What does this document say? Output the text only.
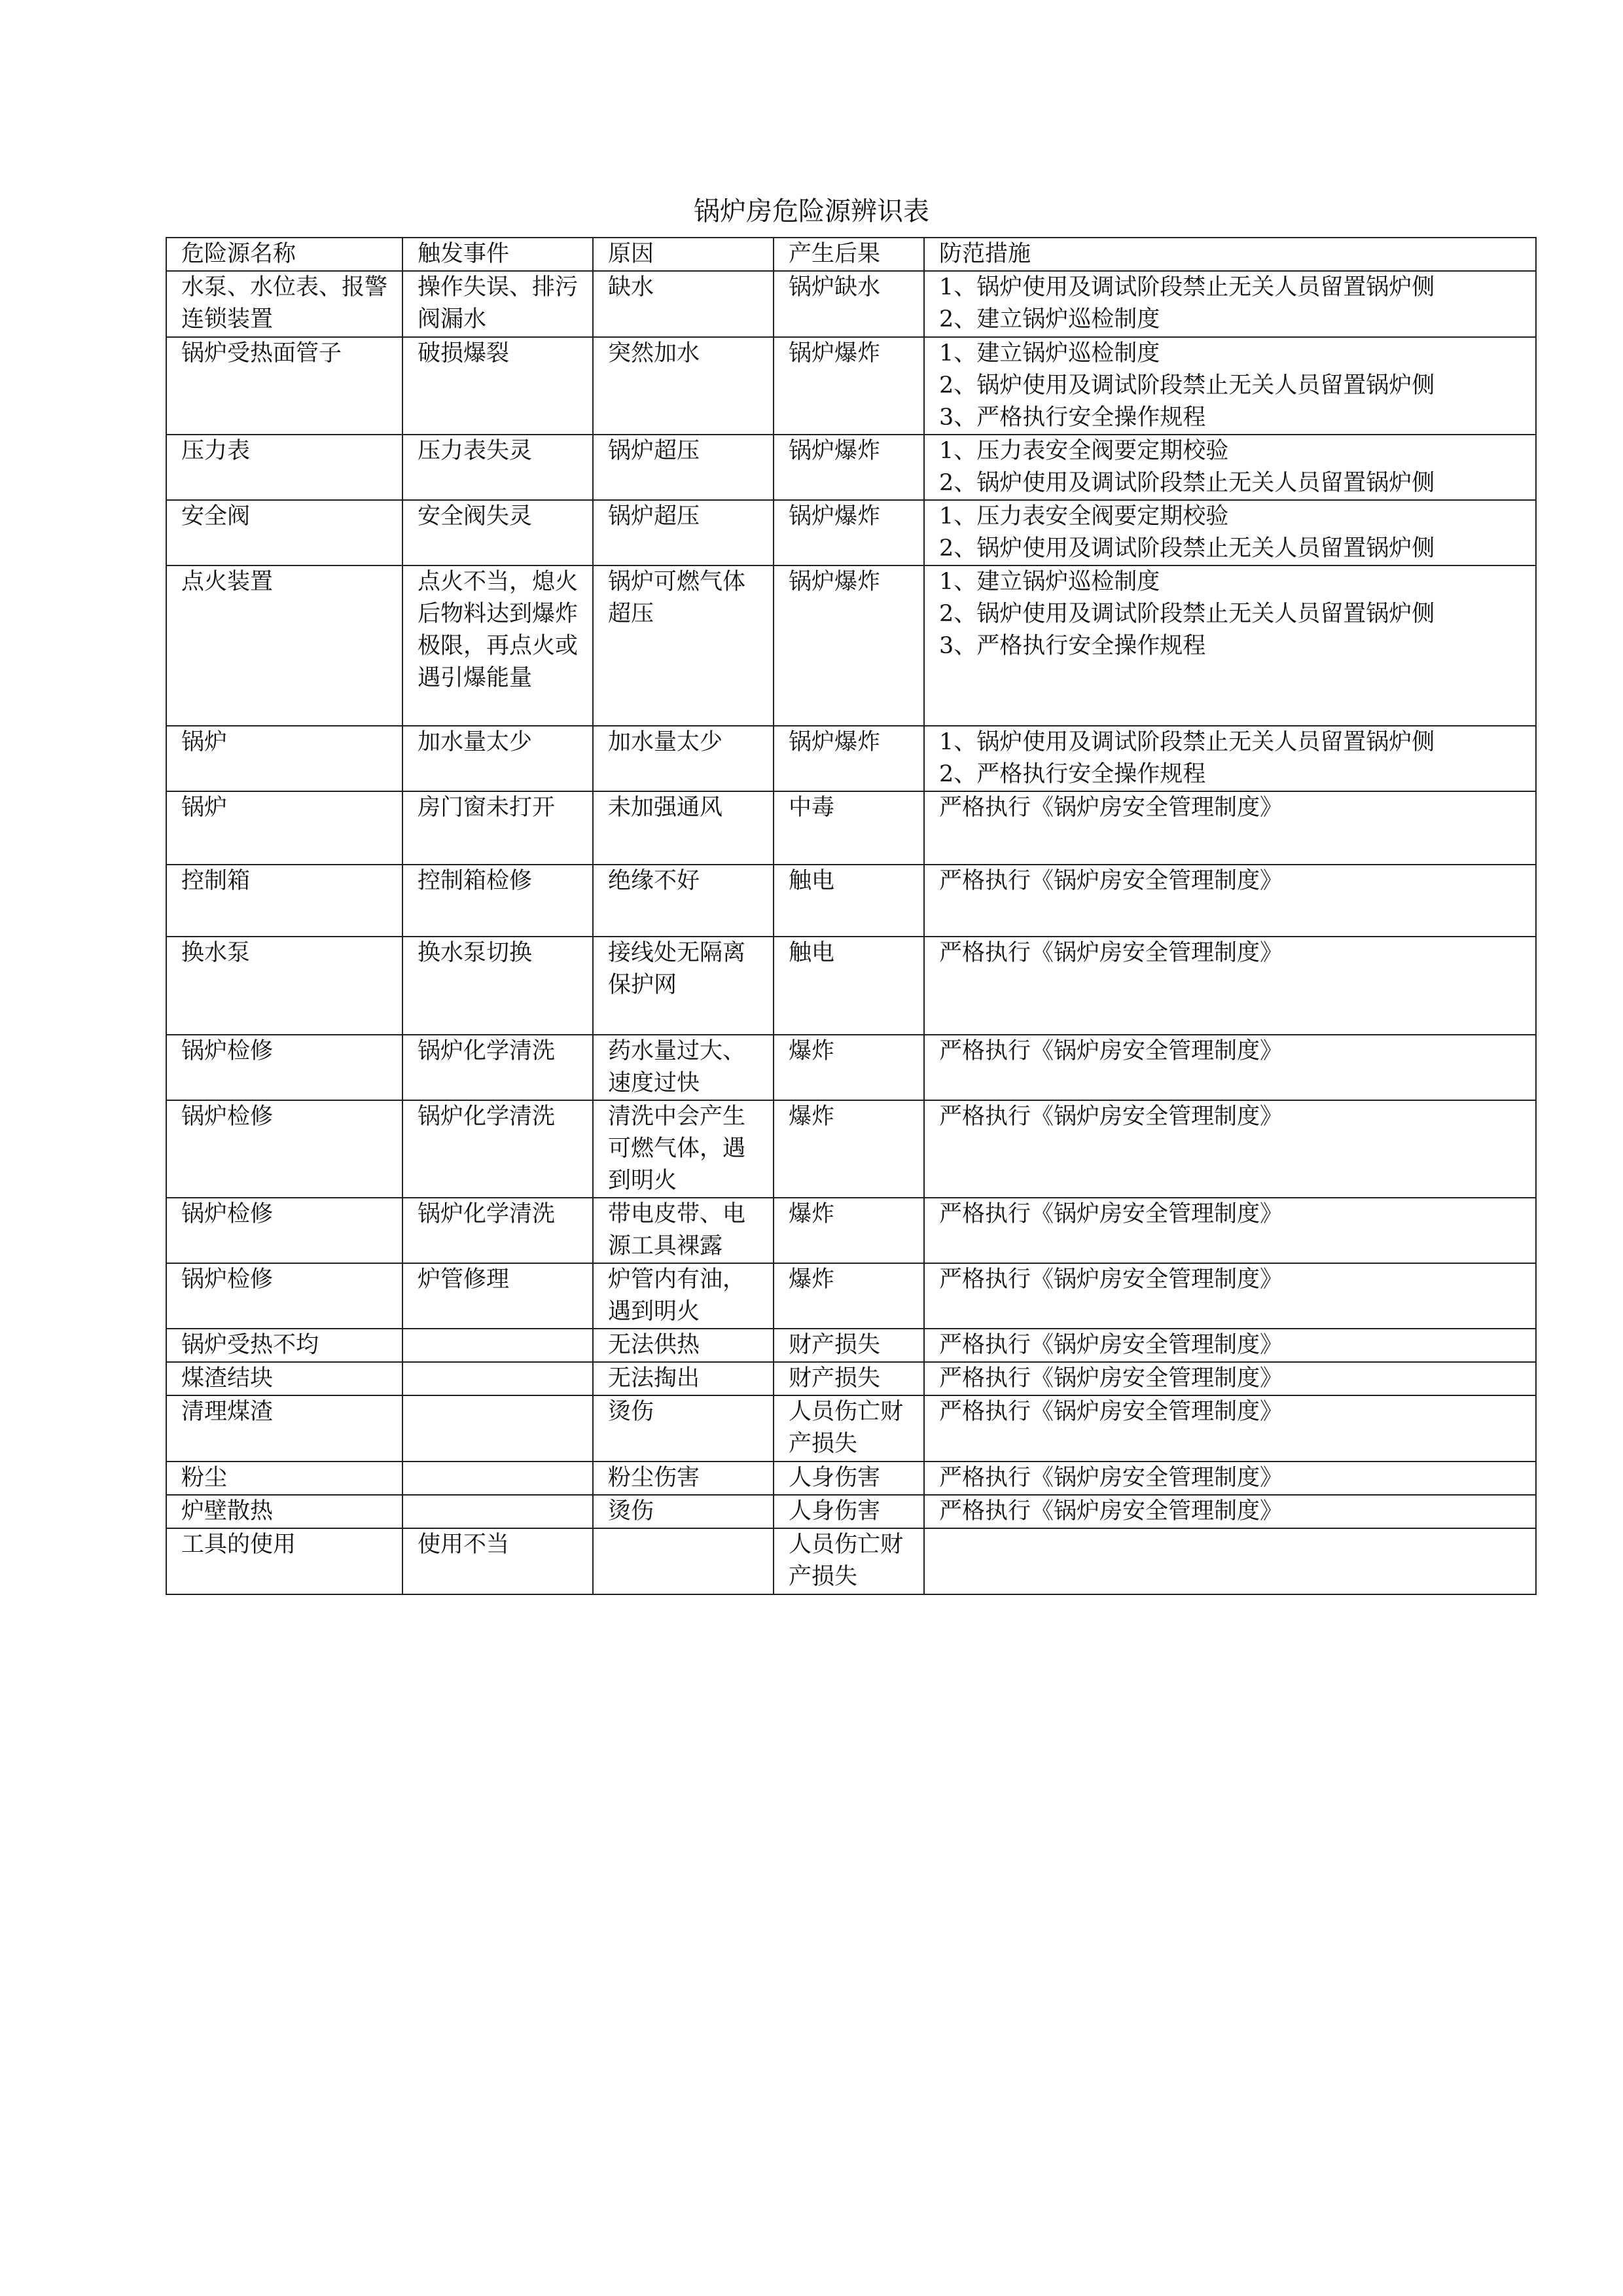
锅炉房危险源辨识表
危险源名称	触发事件	原因	产生后果	防范措施

水泵、水位表、报警连锁装置	操作失误、排污阀漏水	缺水	锅炉缺水	1、锅炉使用及调试阶段禁止无关人员留置锅炉侧
2、建立锅炉巡检制度

锅炉受热面管子	破损爆裂	突然加水	锅炉爆炸	1、建立锅炉巡检制度
2、锅炉使用及调试阶段禁止无关人员留置锅炉侧
3、严格执行安全操作规程

压力表	压力表失灵	锅炉超压	锅炉爆炸	1、压力表安全阀要定期校验
2、锅炉使用及调试阶段禁止无关人员留置锅炉侧

安全阀	安全阀失灵	锅炉超压	锅炉爆炸	1、压力表安全阀要定期校验
2、锅炉使用及调试阶段禁止无关人员留置锅炉侧

点火装置	点火不当，熄火后物料达到爆炸极限，再点火或遇引爆能量	锅炉可燃气体超压	锅炉爆炸	1、建立锅炉巡检制度
2、锅炉使用及调试阶段禁止无关人员留置锅炉侧
3、严格执行安全操作规程

锅炉	加水量太少	加水量太少	锅炉爆炸	1、锅炉使用及调试阶段禁止无关人员留置锅炉侧
2、严格执行安全操作规程

锅炉	房门窗未打开	未加强通风	中毒	严格执行《锅炉房安全管理制度》

控制箱	控制箱检修	绝缘不好	触电	严格执行《锅炉房安全管理制度》

换水泵	换水泵切换	接线处无隔离保护网	触电	严格执行《锅炉房安全管理制度》

锅炉检修	锅炉化学清洗	药水量过大、速度过快	爆炸	严格执行《锅炉房安全管理制度》

锅炉检修	锅炉化学清洗	清洗中会产生可燃气体，遇到明火	爆炸	严格执行《锅炉房安全管理制度》

锅炉检修	锅炉化学清洗	带电皮带、电源工具裸露	爆炸	严格执行《锅炉房安全管理制度》

锅炉检修	炉管修理	炉管内有油，遇到明火	爆炸	严格执行《锅炉房安全管理制度》

锅炉受热不均		无法供热	财产损失	严格执行《锅炉房安全管理制度》

煤渣结块		无法掏出	财产损失	严格执行《锅炉房安全管理制度》

清理煤渣		烫伤	人员伤亡财产损失	严格执行《锅炉房安全管理制度》

粉尘		粉尘伤害	人身伤害	严格执行《锅炉房安全管理制度》

炉壁散热		烫伤	人身伤害	严格执行《锅炉房安全管理制度》

工具的使用	使用不当		人员伤亡财产损失	
